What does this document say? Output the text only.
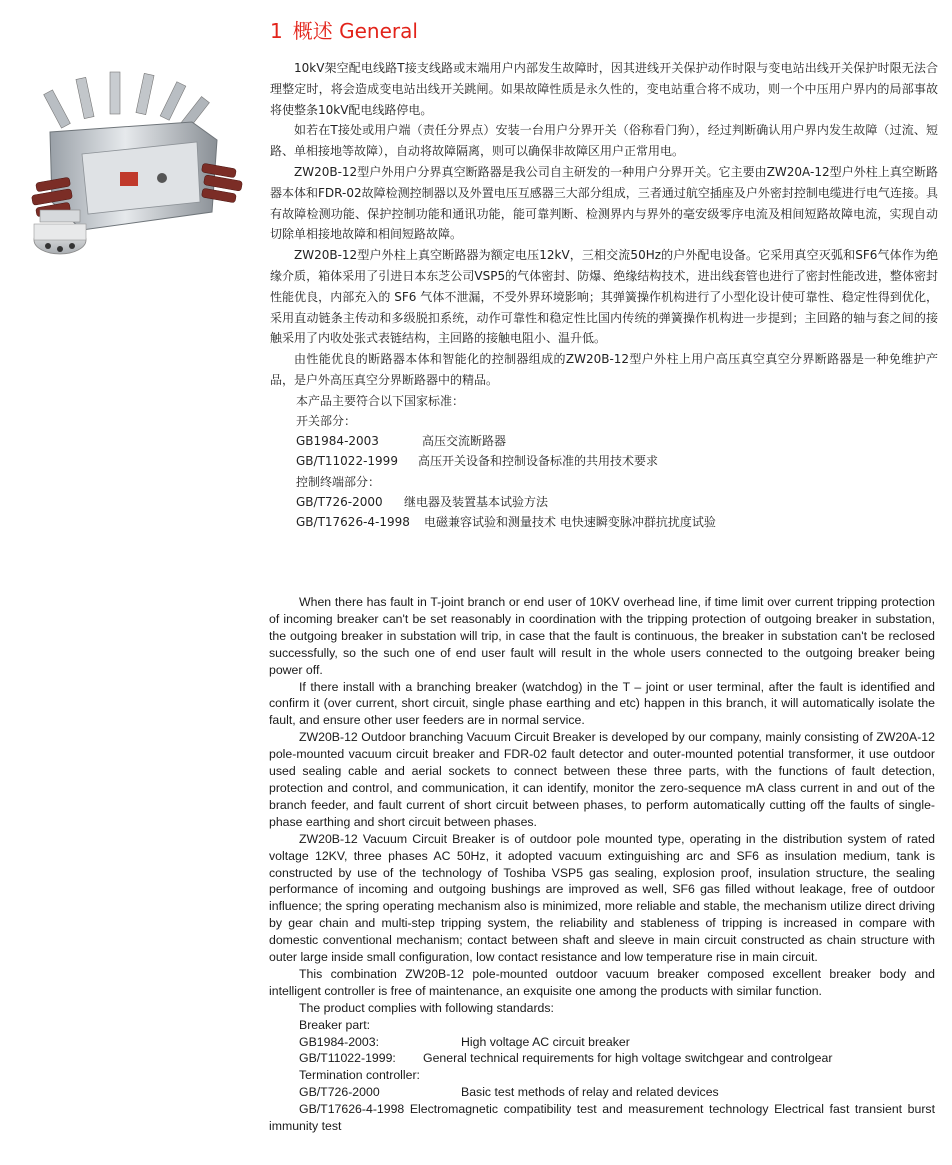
1 概述 General

10kV架空配电线路T接支线路或末端用户内部发生故障时，因其进线开关保护动作时限与变电站出线开关保护时限无法合理整定时，将会造成变电站出线开关跳闸。如果故障性质是永久性的，变电站重合将不成功，则一个中压用户界内的局部事故将使整条10kV配电线路停电。

如若在T接处或用户端（责任分界点）安装一台用户分界开关（俗称看门狗），经过判断确认用户界内发生故障（过流、短路、单相接地等故障），自动将故障隔离，则可以确保非故障区用户正常用电。

ZW20B-12型户外用户分界真空断路器是我公司自主研发的一种用户分界开关。它主要由ZW20A-12型户外柱上真空断路器本体和FDR-02故障检测控制器以及外置电压互感器三大部分组成，三者通过航空插座及户外密封控制电缆进行电气连接。具有故障检测功能、保护控制功能和通讯功能，能可靠判断、检测界内与界外的毫安级零序电流及相间短路故障电流，实现自动切除单相接地故障和相间短路故障。

ZW20B-12型户外柱上真空断路器为额定电压12kV，三相交流50Hz的户外配电设备。它采用真空灭弧和SF6气体作为绝缘介质，箱体采用了引进日本东芝公司VSP5的气体密封、防爆、绝缘结构技术，进出线套管也进行了密封性能改进，整体密封性能优良，内部充入的 SF6 气体不泄漏，不受外界环境影响；其弹簧操作机构进行了小型化设计使可靠性、稳定性得到优化，采用直动链条主传动和多级脱扣系统，动作可靠性和稳定性比国内传统的弹簧操作机构进一步提到；主回路的轴与套之间的接触采用了内收处张式表链结构，主回路的接触电阻小、温升低。

由性能优良的断路器本体和智能化的控制器组成的ZW20B-12型户外柱上用户高压真空真空分界断路器是一种免维护产品，是户外高压真空分界断路器中的精品。

本产品主要符合以下国家标准：
开关部分：
GB1984-2003	高压交流断路器
GB/T11022-1999 高压开关设备和控制设备标准的共用技术要求
控制终端部分：
GB/T726-2000 继电器及装置基本试验方法
GB/T17626-4-1998 电磁兼容试验和测量技术 电快速瞬变脉冲群抗扰度试验

When there has fault in T-joint branch or end user of 10KV overhead line, if time limit over current tripping protection of incoming breaker can't be set reasonably in coordination with the tripping protection of outgoing breaker in substation, the outgoing breaker in substation will trip, in case that the fault is continuous, the breaker in substation can't be reclosed successfully, so the such one of end user fault will result in the whole users connected to the outgoing breaker being power off.

If there install with a branching breaker (watchdog) in the T – joint or user terminal, after the fault is identified and confirm it (over current, short circuit, single phase earthing and etc) happen in this branch, it will automatically isolate the fault, and ensure other user feeders are in normal service.

ZW20B-12 Outdoor branching Vacuum Circuit Breaker is developed by our company, mainly consisting of ZW20A-12 pole-mounted vacuum circuit breaker and FDR-02 fault detector and outer-mounted potential transformer, it use outdoor used sealing cable and aerial sockets to connect between these three parts, with the functions of fault detection, protection and control, and communication, it can identify, monitor the zero-sequence mA class current in and out of the branch feeder, and fault current of short circuit between phases, to perform automatically cutting off the faults of single-phase earthing and short circuit between phases.

ZW20B-12 Vacuum Circuit Breaker is of outdoor pole mounted type, operating in the distribution system of rated voltage 12KV, three phases AC 50Hz, it adopted vacuum extinguishing arc and SF6 as insulation medium, tank is constructed by use of the technology of Toshiba VSP5 gas sealing, explosion proof, insulation structure, the sealing performance of incoming and outgoing bushings are improved as well, SF6 gas filled without leakage, free of outdoor influence; the spring operating mechanism also is minimized, more reliable and stable, the mechanism utilize direct driving by gear chain and multi-step tripping system, the reliability and stableness of tripping is increased in compare with domestic conventional mechanism; contact between shaft and sleeve in main circuit constructed as chain structure with outer large inside small configuration, low contact resistance and low temperature rise in main circuit.

This combination ZW20B-12 pole-mounted outdoor vacuum breaker composed excellent breaker body and intelligent controller is free of maintenance, an exquisite one among the products with similar function.

The product complies with following standards:
Breaker part:
GB1984-2003:	High voltage AC circuit breaker
GB/T11022-1999: General technical requirements for high voltage switchgear and controlgear
Termination controller:
GB/T726-2000	Basic test methods of relay and related devices

GB/T17626-4-1998 Electromagnetic compatibility test and measurement technology Electrical fast transient burst immunity test
